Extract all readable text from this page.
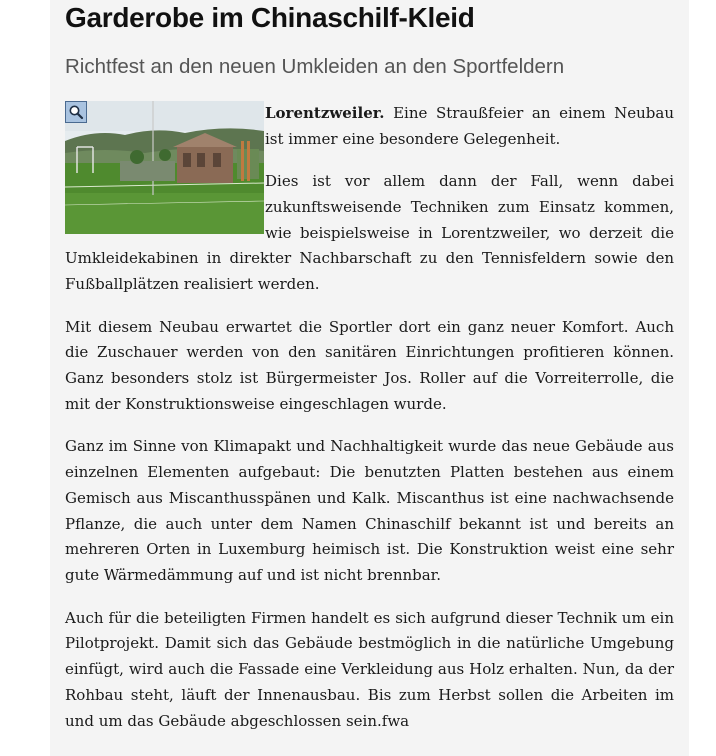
Garderobe im Chinaschilf-Kleid
Richtfest an den neuen Umkleiden an den Sportfeldern

Lorentzweiler. Eine Straußfeier an einem Neubau ist immer eine besondere Gelegenheit.

Dies ist vor allem dann der Fall, wenn dabei zukunftsweisende Techniken zum Einsatz kommen, wie beispielsweise in Lorentzweiler, wo derzeit die Umkleidekabinen in direkter Nachbarschaft zu den Tennisfeldern sowie den Fußballplätzen realisiert werden.

Mit diesem Neubau erwartet die Sportler dort ein ganz neuer Komfort. Auch die Zuschauer werden von den sanitären Einrichtungen profitieren können. Ganz besonders stolz ist Bürgermeister Jos. Roller auf die Vorreiterrolle, die mit der Konstruktionsweise eingeschlagen wurde.

Ganz im Sinne von Klimapakt und Nachhaltigkeit wurde das neue Gebäude aus einzelnen Elementen aufgebaut: Die benutzten Platten bestehen aus einem Gemisch aus Miscanthusspänen und Kalk. Miscanthus ist eine nachwachsende Pflanze, die auch unter dem Namen Chinaschilf bekannt ist und bereits an mehreren Orten in Luxemburg heimisch ist. Die Konstruktion weist eine sehr gute Wärmedämmung auf und ist nicht brennbar.

Auch für die beteiligten Firmen handelt es sich aufgrund dieser Technik um ein Pilotprojekt. Damit sich das Gebäude bestmöglich in die natürliche Umgebung einfügt, wird auch die Fassade eine Verkleidung aus Holz erhalten. Nun, da der Rohbau steht, läuft der Innenausbau. Bis zum Herbst sollen die Arbeiten im und um das Gebäude abgeschlossen sein.fwa
